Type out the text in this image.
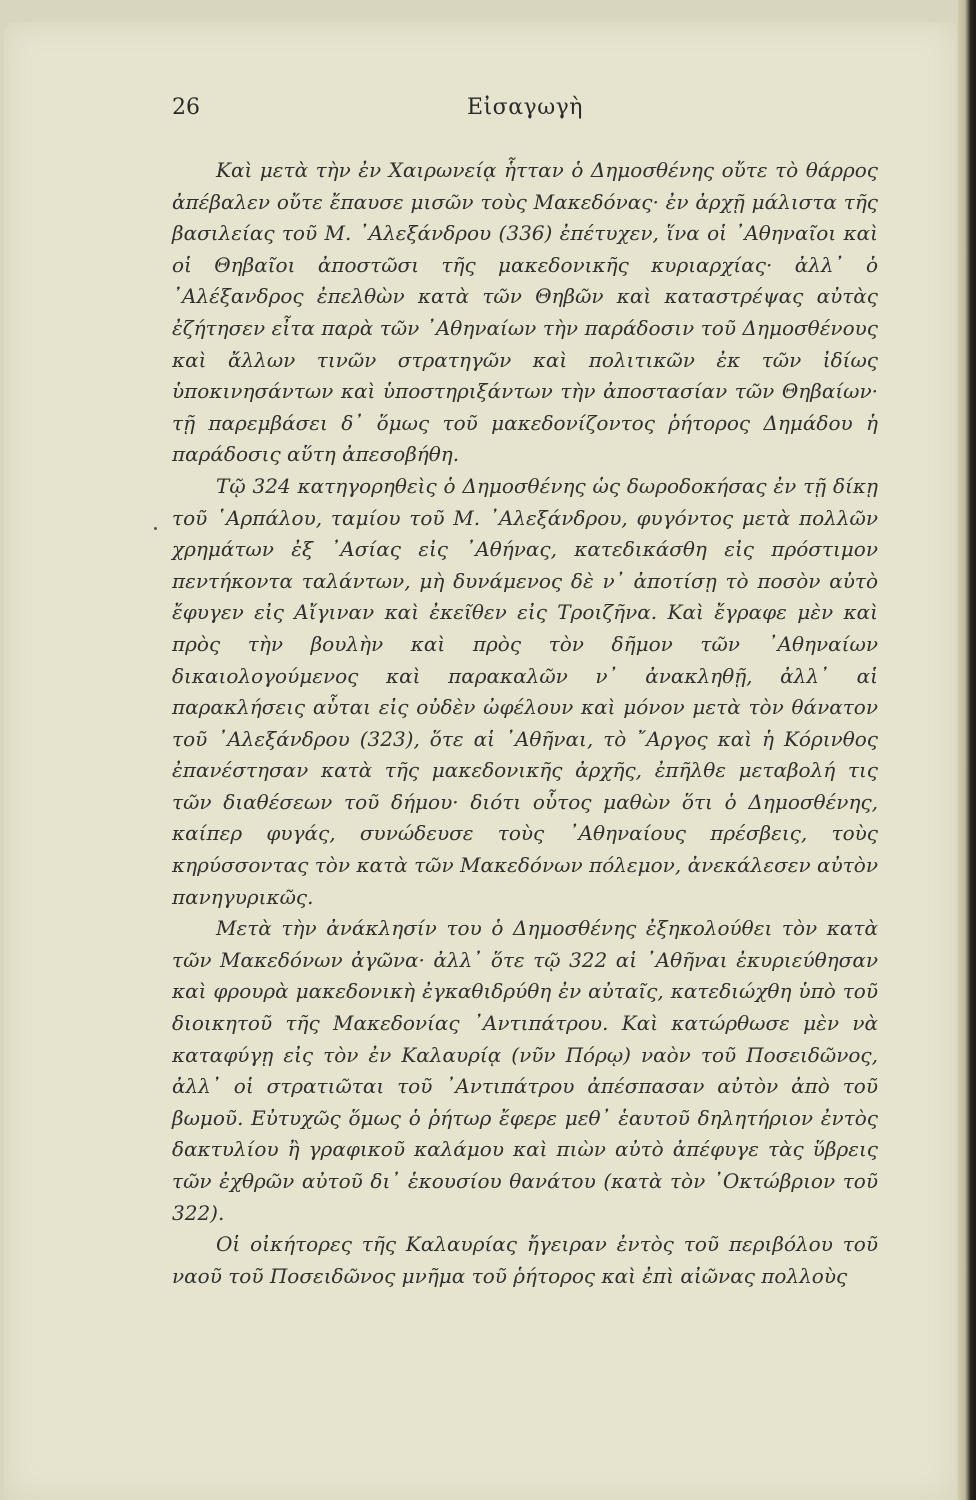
26	Εἰσαγωγὴ

Καὶ μετὰ τὴν ἐν Χαιρωνείᾳ ἧτταν ὁ Δημοσθένης οὔτε τὸ θάρρος ἀπέβαλεν οὔτε ἔπαυσε μισῶν τοὺς Μακεδόνας· ἐν ἀρχῇ μάλιστα τῆς βασιλείας τοῦ Μ. ᾿Αλεξάνδρου (336) ἐπέτυχεν, ἵνα οἱ ᾿Αθηναῖοι καὶ οἱ Θηβαῖοι ἀποστῶσι τῆς μακεδονικῆς κυριαρχίας· ἀλλ᾿ ὁ ᾿Αλέξανδρος ἐπελθὼν κατὰ τῶν Θηβῶν καὶ καταστρέψας αὐτὰς ἐζήτησεν εἶτα παρὰ τῶν ᾿Αθηναίων τὴν παράδοσιν τοῦ Δημοσθένους καὶ ἄλλων τινῶν στρατηγῶν καὶ πολιτικῶν ἐκ τῶν ἰδίως ὑποκινησάντων καὶ ὑποστηριξάντων τὴν ἀποστασίαν τῶν Θηβαίων· τῇ παρεμβάσει δ᾿ ὅμως τοῦ μακεδονίζοντος ῥήτορος Δημάδου ἡ παράδοσις αὕτη ἀπεσοβήθη.

Τῷ 324 κατηγορηθεὶς ὁ Δημοσθένης ὡς δωροδοκήσας ἐν τῇ δίκῃ τοῦ ῾Αρπάλου, ταμίου τοῦ Μ. ᾿Αλεξάνδρου, φυγόντος μετὰ πολλῶν χρημάτων ἐξ ᾿Ασίας εἰς ᾿Αθήνας, κατεδικάσθη εἰς πρόστιμον πεντήκοντα ταλάντων, μὴ δυνάμενος δὲ ν᾿ ἀποτίσῃ τὸ ποσὸν αὐτὸ ἔφυγεν εἰς Αἴγιναν καὶ ἐκεῖθεν εἰς Τροιζῆνα. Καὶ ἔγραφε μὲν καὶ πρὸς τὴν βουλὴν καὶ πρὸς τὸν δῆμον τῶν ᾿Αθηναίων δικαιολογούμενος καὶ παρακαλῶν ν᾿ ἀνακληθῇ, ἀλλ᾿ αἱ παρακλήσεις αὗται εἰς οὐδὲν ὠφέλουν καὶ μόνον μετὰ τὸν θάνατον τοῦ ᾿Αλεξάνδρου (323), ὅτε αἱ ᾿Αθῆναι, τὸ ῎Αργος καὶ ἡ Κόρινθος ἐπανέστησαν κατὰ τῆς μακεδονικῆς ἀρχῆς, ἐπῆλθε μεταβολή τις τῶν διαθέσεων τοῦ δήμου· διότι οὗτος μαθὼν ὅτι ὁ Δημοσθένης, καίπερ φυγάς, συνώδευσε τοὺς ᾿Αθηναίους πρέσβεις, τοὺς κηρύσσοντας τὸν κατὰ τῶν Μακεδόνων πόλεμον, ἀνεκάλεσεν αὐτὸν πανηγυρικῶς.

Μετὰ τὴν ἀνάκλησίν του ὁ Δημοσθένης ἐξηκολούθει τὸν κατὰ τῶν Μακεδόνων ἀγῶνα· ἀλλ᾿ ὅτε τῷ 322 αἱ ᾿Αθῆναι ἐκυριεύθησαν καὶ φρουρὰ μακεδονικὴ ἐγκαθιδρύθη ἐν αὐταῖς, κατεδιώχθη ὑπὸ τοῦ διοικητοῦ τῆς Μακεδονίας ᾿Αντιπάτρου. Καὶ κατώρθωσε μὲν νὰ καταφύγῃ εἰς τὸν ἐν Καλαυρίᾳ (νῦν Πόρῳ) ναὸν τοῦ Ποσειδῶνος, ἀλλ᾿ οἱ στρατιῶται τοῦ ᾿Αντιπάτρου ἀπέσπασαν αὐτὸν ἀπὸ τοῦ βωμοῦ. Εὐτυχῶς ὅμως ὁ ῥήτωρ ἔφερε μεθ᾿ ἑαυτοῦ δηλητήριον ἐντὸς δακτυλίου ἢ γραφικοῦ καλάμου καὶ πιὼν αὐτὸ ἀπέφυγε τὰς ὕβρεις τῶν ἐχθρῶν αὐτοῦ δι᾿ ἑκουσίου θανάτου (κατὰ τὸν ᾿Οκτώβριον τοῦ 322).

Οἱ οἰκήτορες τῆς Καλαυρίας ἤγειραν ἐντὸς τοῦ περιβόλου τοῦ ναοῦ τοῦ Ποσειδῶνος μνῆμα τοῦ ῥήτορος καὶ ἐπὶ αἰῶνας πολλοὺς
